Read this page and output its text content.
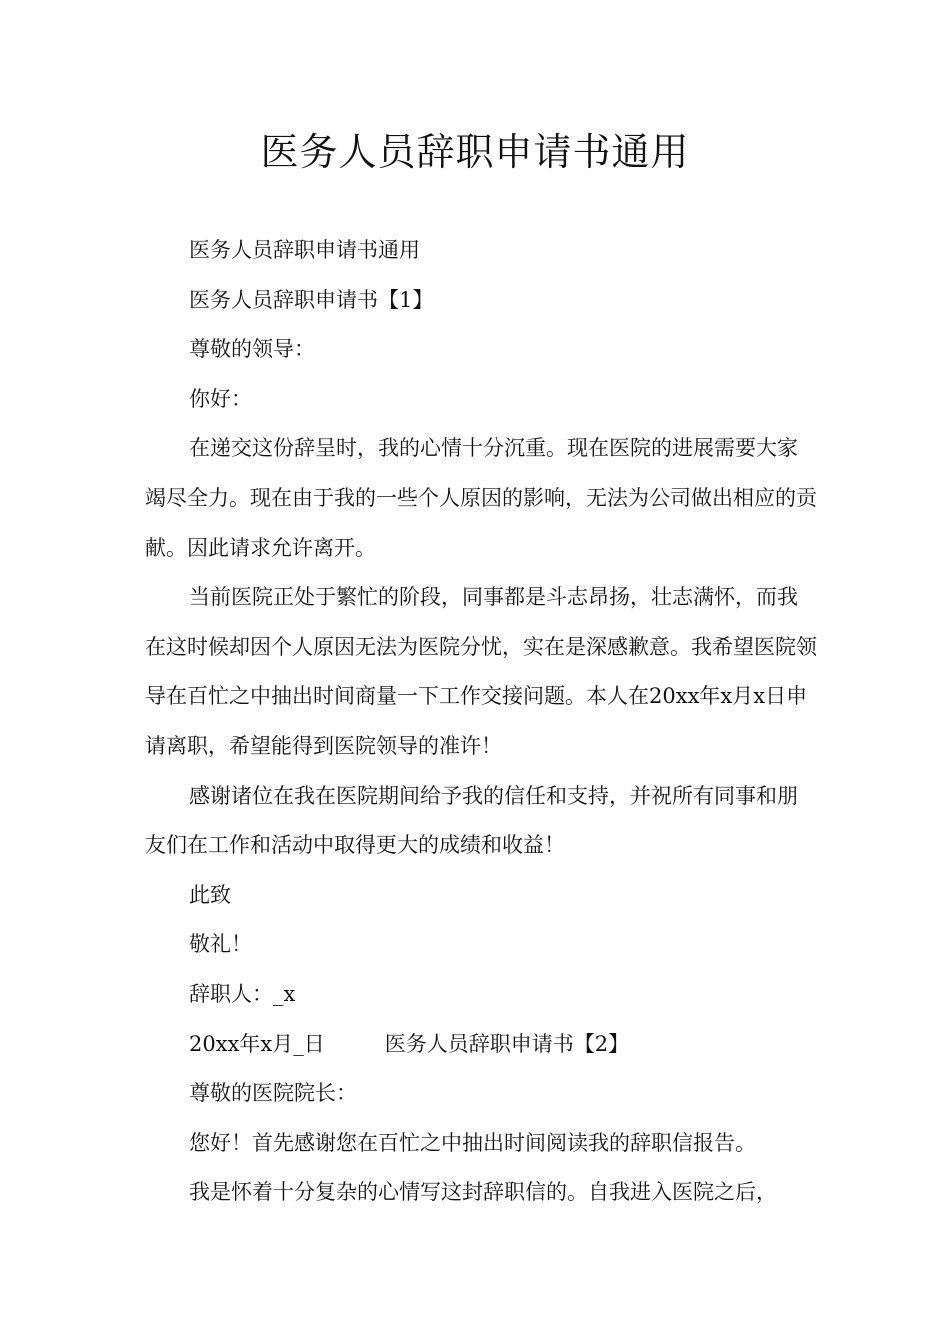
医务人员辞职申请书通用

医务人员辞职申请书通用

医务人员辞职申请书【1】

尊敬的领导：

你好：

在递交这份辞呈时，我的心情十分沉重。现在医院的进展需要大家竭尽全力。现在由于我的一些个人原因的影响，无法为公司做出相应的贡献。因此请求允许离开。

当前医院正处于繁忙的阶段，同事都是斗志昂扬，壮志满怀，而我在这时候却因个人原因无法为医院分忧，实在是深感歉意。我希望医院领导在百忙之中抽出时间商量一下工作交接问题。本人在20xx年x月x日申请离职，希望能得到医院领导的准许！

感谢诸位在我在医院期间给予我的信任和支持，并祝所有同事和朋友们在工作和活动中取得更大的成绩和收益！

此致

敬礼！

辞职人：_x

20xx年x月_日	医务人员辞职申请书【2】

尊敬的医院院长：

您好！首先感谢您在百忙之中抽出时间阅读我的辞职信报告。

我是怀着十分复杂的心情写这封辞职信的。自我进入医院之后，
